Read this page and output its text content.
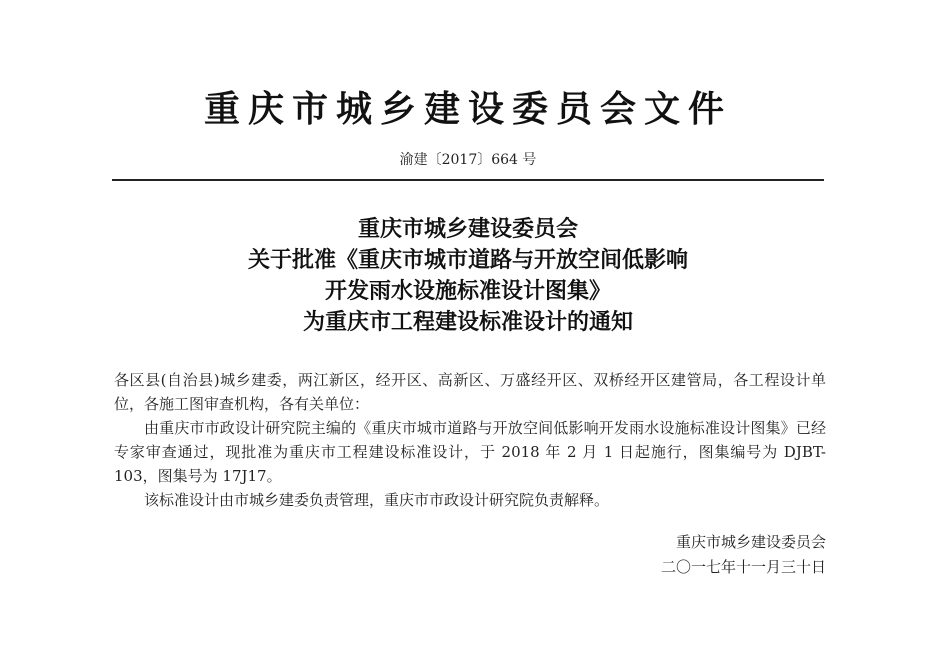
重庆市城乡建设委员会文件
渝建〔2017〕664 号
重庆市城乡建设委员会
关于批准《重庆市城市道路与开放空间低影响
开发雨水设施标准设计图集》
为重庆市工程建设标准设计的通知

各区县(自治县)城乡建委，两江新区，经开区、高新区、万盛经开区、双桥经开区建管局，各工程设计单位，各施工图审查机构，各有关单位：

由重庆市市政设计研究院主编的《重庆市城市道路与开放空间低影响开发雨水设施标准设计图集》已经专家审查通过，现批准为重庆市工程建设标准设计，于 2018 年 2 月 1 日起施行，图集编号为 DJBT-103，图集号为 17J17。

该标准设计由市城乡建委负责管理，重庆市市政设计研究院负责解释。

重庆市城乡建设委员会
二〇一七年十一月三十日
